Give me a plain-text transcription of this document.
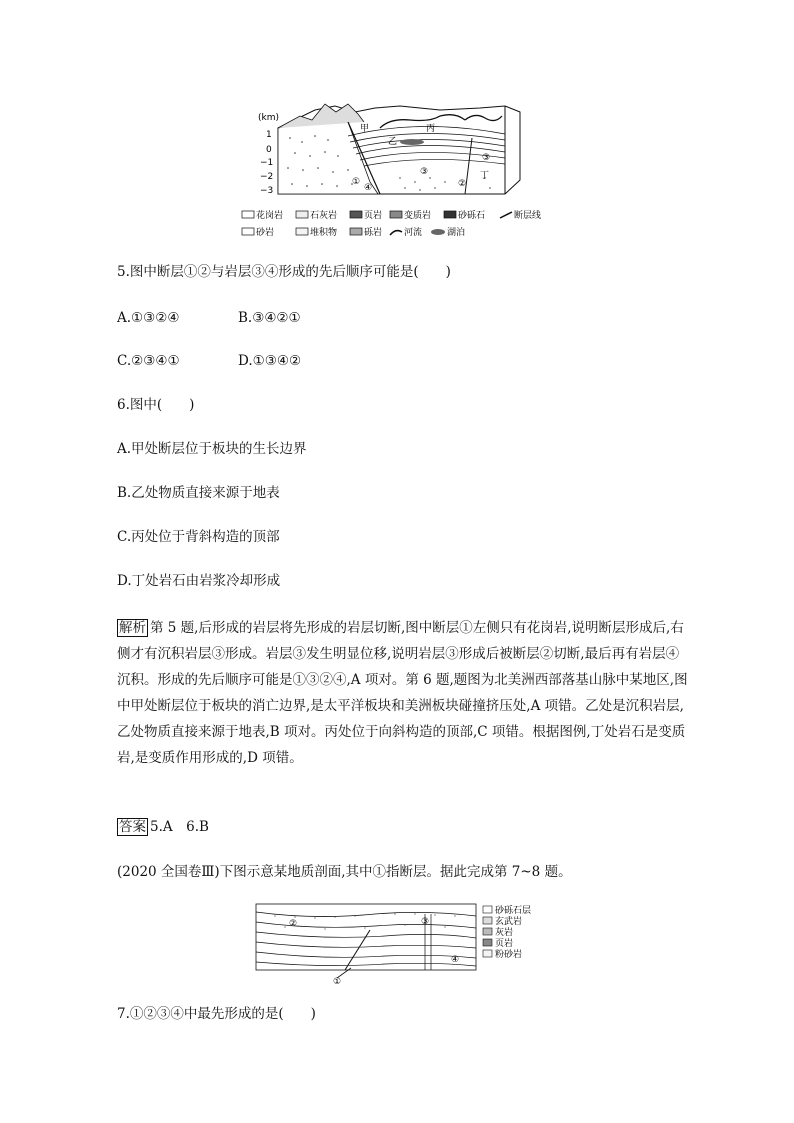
(km)
1
0
−1
−2
−3
甲
乙
丙
丁
①	②
③
③
④
花岗岩	石灰岩	页岩 变质岩	砂砾石	断层线
砂岩	堆积物	砾岩 河流	湖泊
5.图中断层①②与岩层③④形成的先后顺序可能是(　　)
A.①③②④	B.③④②①
C.②③④①	D.①③④②
6.图中(　　)
A.甲处断层位于板块的生长边界
B.乙处物质直接来源于地表
C.丙处位于背斜构造的顶部
D.丁处岩石由岩浆冷却形成
解析 第 5 题,后形成的岩层将先形成的岩层切断,图中断层①左侧只有花岗岩,说明断层形成后,右侧才有沉积岩层③形成。岩层③发生明显位移,说明岩层③形成后被断层②切断,最后再有岩层④沉积。形成的先后顺序可能是①③②④,A 项对。第 6 题,题图为北美洲西部落基山脉中某地区,图中甲处断层位于板块的消亡边界,是太平洋板块和美洲板块碰撞挤压处,A 项错。乙处是沉积岩层,乙处物质直接来源于地表,B 项对。丙处位于向斜构造的顶部,C 项错。根据图例,丁处岩石是变质岩,是变质作用形成的,D 项错。
答案 5.A　6.B
(2020 全国卷Ⅲ)下图示意某地质剖面,其中①指断层。据此完成第 7~8 题。
②	③
④
①
砂砾石层
玄武岩
灰岩
页岩
粉砂岩
7.①②③④中最先形成的是(　　)
